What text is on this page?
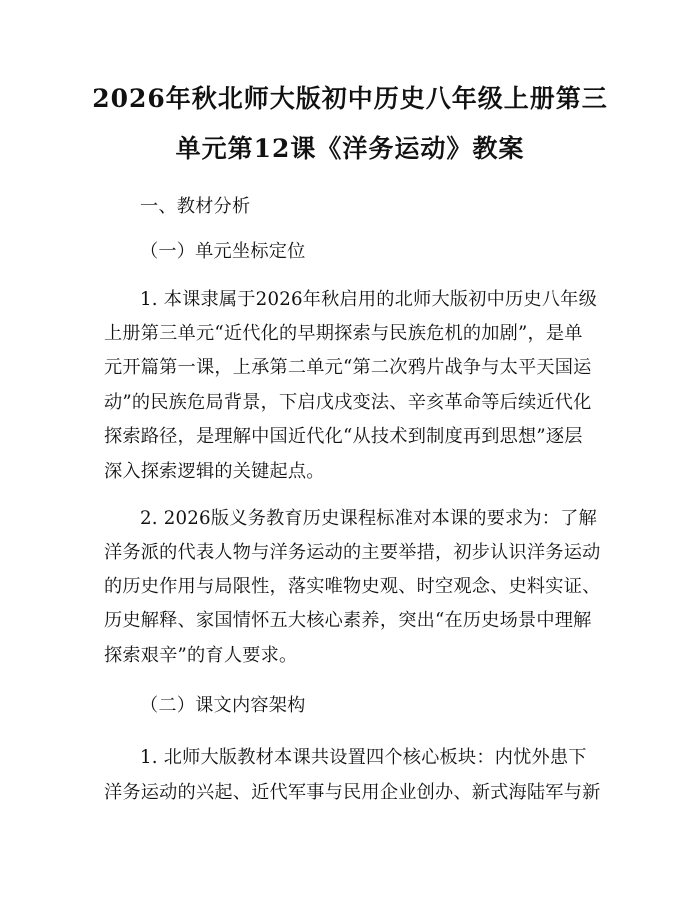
2026年秋北师大版初中历史八年级上册第三
单元第12课《洋务运动》教案
一、教材分析
（一）单元坐标定位
1. 本课隶属于2026年秋启用的北师大版初中历史八年级
上册第三单元“近代化的早期探索与民族危机的加剧”，是单
元开篇第一课，上承第二单元“第二次鸦片战争与太平天国运
动”的民族危局背景，下启戊戌变法、辛亥革命等后续近代化
探索路径，是理解中国近代化“从技术到制度再到思想”逐层
深入探索逻辑的关键起点。
2. 2026版义务教育历史课程标准对本课的要求为：了解
洋务派的代表人物与洋务运动的主要举措，初步认识洋务运动
的历史作用与局限性，落实唯物史观、时空观念、史料实证、
历史解释、家国情怀五大核心素养，突出“在历史场景中理解
探索艰辛”的育人要求。
（二）课文内容架构
1. 北师大版教材本课共设置四个核心板块：内忧外患下
洋务运动的兴起、近代军事与民用企业创办、新式海陆军与新
